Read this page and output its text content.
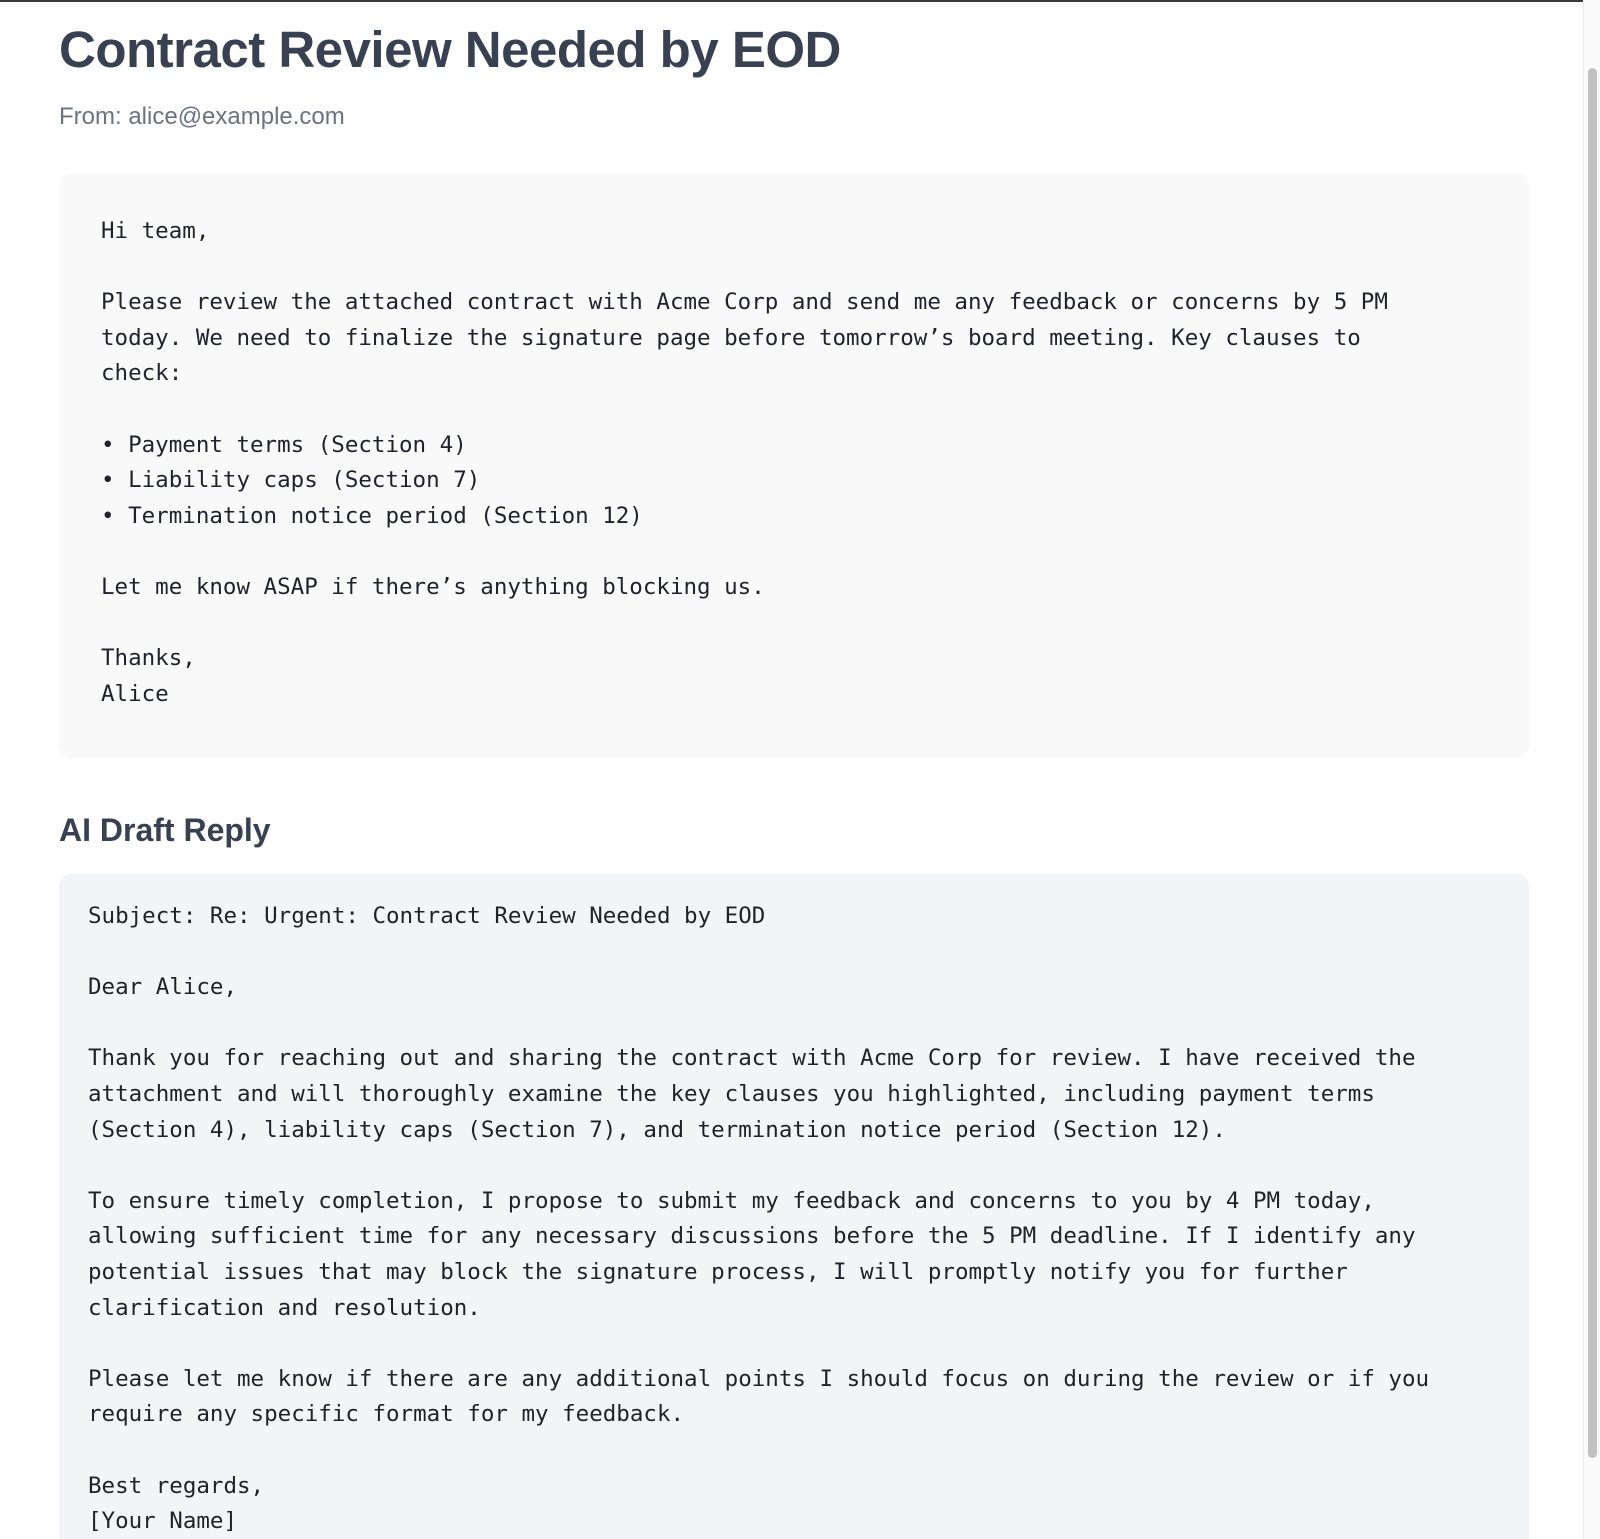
Contract Review Needed by EOD
From: alice@example.com
Hi team,

Please review the attached contract with Acme Corp and send me any feedback or concerns by 5 PM
today. We need to finalize the signature page before tomorrow’s board meeting. Key clauses to
check:

• Payment terms (Section 4)
• Liability caps (Section 7)
• Termination notice period (Section 12)

Let me know ASAP if there’s anything blocking us.

Thanks,
Alice
AI Draft Reply
Subject: Re: Urgent: Contract Review Needed by EOD

Dear Alice,

Thank you for reaching out and sharing the contract with Acme Corp for review. I have received the
attachment and will thoroughly examine the key clauses you highlighted, including payment terms
(Section 4), liability caps (Section 7), and termination notice period (Section 12).

To ensure timely completion, I propose to submit my feedback and concerns to you by 4 PM today,
allowing sufficient time for any necessary discussions before the 5 PM deadline. If I identify any
potential issues that may block the signature process, I will promptly notify you for further
clarification and resolution.

Please let me know if there are any additional points I should focus on during the review or if you
require any specific format for my feedback.

Best regards,
[Your Name]
